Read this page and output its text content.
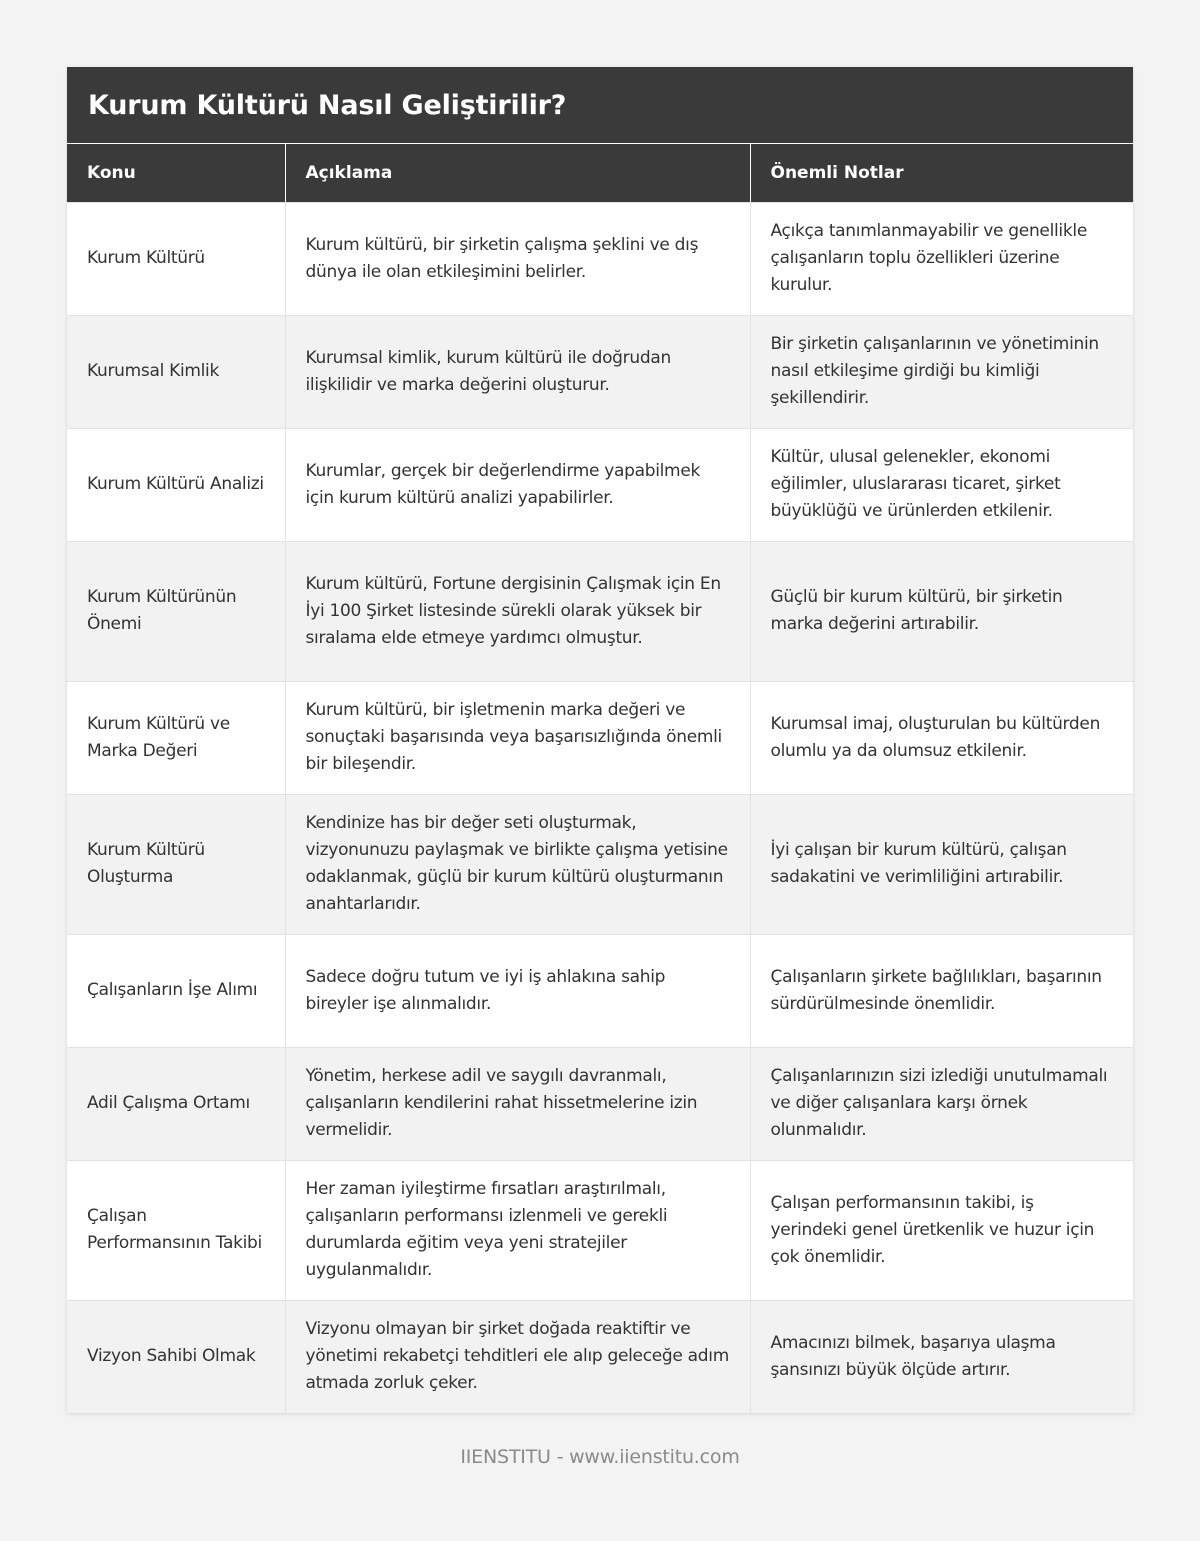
Kurum Kültürü Nasıl Geliştirilir?
Konu	Açıklama	Önemli Notlar
Kurum Kültürü	Kurum kültürü, bir şirketin çalışma şeklini ve dış dünya ile olan etkileşimini belirler.	Açıkça tanımlanmayabilir ve genellikle çalışanların toplu özellikleri üzerine kurulur.
Kurumsal Kimlik	Kurumsal kimlik, kurum kültürü ile doğrudan ilişkilidir ve marka değerini oluşturur.	Bir şirketin çalışanlarının ve yönetiminin nasıl etkileşime girdiği bu kimliği şekillendirir.
Kurum Kültürü Analizi	Kurumlar, gerçek bir değerlendirme yapabilmek için kurum kültürü analizi yapabilirler.	Kültür, ulusal gelenekler, ekonomi eğilimler, uluslararası ticaret, şirket büyüklüğü ve ürünlerden etkilenir.
Kurum Kültürünün Önemi	Kurum kültürü, Fortune dergisinin Çalışmak için En İyi 100 Şirket listesinde sürekli olarak yüksek bir sıralama elde etmeye yardımcı olmuştur.	Güçlü bir kurum kültürü, bir şirketin marka değerini artırabilir.
Kurum Kültürü ve Marka Değeri	Kurum kültürü, bir işletmenin marka değeri ve sonuçtaki başarısında veya başarısızlığında önemli bir bileşendir.	Kurumsal imaj, oluşturulan bu kültürden olumlu ya da olumsuz etkilenir.
Kurum Kültürü Oluşturma	Kendinize has bir değer seti oluşturmak, vizyonunuzu paylaşmak ve birlikte çalışma yetisine odaklanmak, güçlü bir kurum kültürü oluşturmanın anahtarlarıdır.	İyi çalışan bir kurum kültürü, çalışan sadakatini ve verimliliğini artırabilir.
Çalışanların İşe Alımı	Sadece doğru tutum ve iyi iş ahlakına sahip bireyler işe alınmalıdır.	Çalışanların şirkete bağlılıkları, başarının sürdürülmesinde önemlidir.
Adil Çalışma Ortamı	Yönetim, herkese adil ve saygılı davranmalı, çalışanların kendilerini rahat hissetmelerine izin vermelidir.	Çalışanlarınızın sizi izlediği unutulmamalı ve diğer çalışanlara karşı örnek olunmalıdır.
Çalışan Performansının Takibi	Her zaman iyileştirme fırsatları araştırılmalı, çalışanların performansı izlenmeli ve gerekli durumlarda eğitim veya yeni stratejiler uygulanmalıdır.	Çalışan performansının takibi, iş yerindeki genel üretkenlik ve huzur için çok önemlidir.
Vizyon Sahibi Olmak	Vizyonu olmayan bir şirket doğada reaktiftir ve yönetimi rekabetçi tehditleri ele alıp geleceğe adım atmada zorluk çeker.	Amacınızı bilmek, başarıya ulaşma şansınızı büyük ölçüde artırır.
IIENSTITU - www.iienstitu.com
